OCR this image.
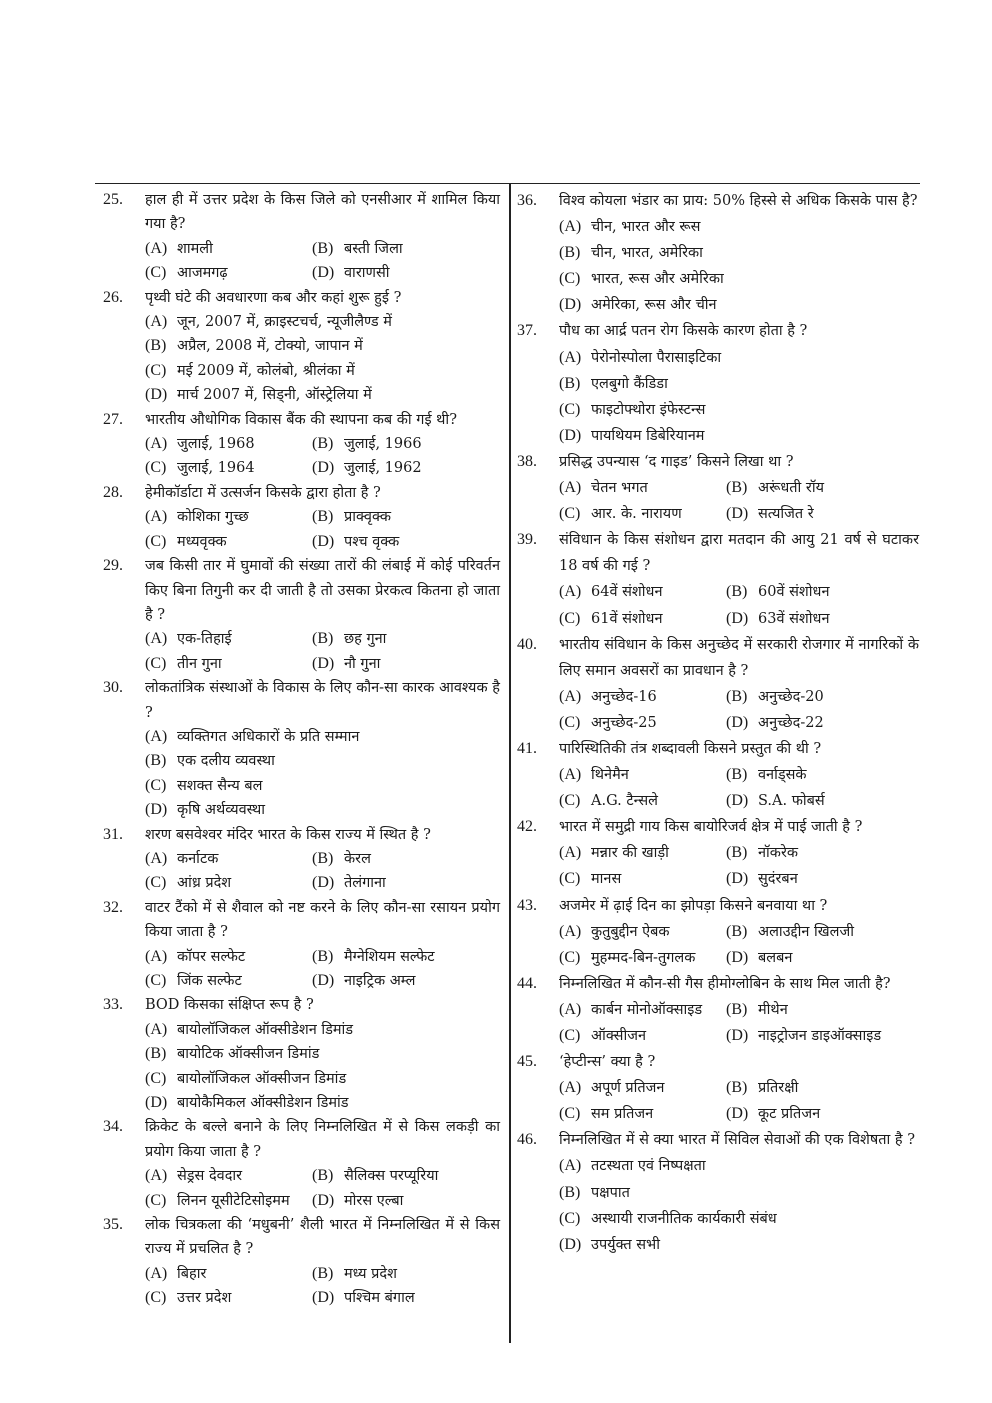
25. हाल ही में उत्तर प्रदेश के किस जिले को एनसीआर में शामिल किया गया है?
(A) शामली	(B) बस्ती जिला
(C) आजमगढ़	(D) वाराणसी
26. पृथ्वी घंटे की अवधारणा कब और कहां शुरू हुई ?
(A) जून, 2007 में, क्राइस्टचर्च, न्यूजीलैण्ड में
(B) अप्रैल, 2008 में, टोक्यो, जापान में
(C) मई 2009 में, कोलंबो, श्रीलंका में
(D) मार्च 2007 में, सिड्नी, ऑस्ट्रेलिया में
27. भारतीय औधोगिक विकास बैंक की स्थापना कब की गई थी?
(A) जुलाई, 1968	(B) जुलाई, 1966
(C) जुलाई, 1964	(D) जुलाई, 1962
28. हेमीकॉर्डाटा में उत्सर्जन किसके द्वारा होता है ?
(A) कोशिका गुच्छ	(B) प्राक्वृक्क
(C) मध्यवृक्क	(D) पश्च वृक्क
29. जब किसी तार में घुमावों की संख्या तारों की लंबाई में कोई परिवर्तन किए बिना तिगुनी कर दी जाती है तो उसका प्रेरकत्व कितना हो जाता है ?
(A) एक-तिहाई	(B) छह गुना
(C) तीन गुना	(D) नौ गुना
30. लोकतांत्रिक संस्थाओं के विकास के लिए कौन-सा कारक आवश्यक है ?
(A) व्यक्तिगत अधिकारों के प्रति सम्मान
(B) एक दलीय व्यवस्था
(C) सशक्त सैन्य बल
(D) कृषि अर्थव्यवस्था
31. शरण बसवेश्वर मंदिर भारत के किस राज्य में स्थित है ?
(A) कर्नाटक	(B) केरल
(C) आंध्र प्रदेश	(D) तेलंगाना
32. वाटर टैंको में से शैवाल को नष्ट करने के लिए कौन-सा रसायन प्रयोग किया जाता है ?
(A) कॉपर सल्फेट	(B) मैग्नेशियम सल्फेट
(C) जिंक सल्फेट	(D) नाइट्रिक अम्ल
33. BOD किसका संक्षिप्त रूप है ?
(A) बायोलॉजिकल ऑक्सीडेशन डिमांड
(B) बायोटिक ऑक्सीजन डिमांड
(C) बायोलॉजिकल ऑक्सीजन डिमांड
(D) बायोकैमिकल ऑक्सीडेशन डिमांड
34. क्रिकेट के बल्ले बनाने के लिए निम्नलिखित में से किस लकड़ी का प्रयोग किया जाता है ?
(A) सेड्रस देवदार	(B) सैलिक्स परप्यूरिया
(C) लिनन यूसीटेटिसोइमम	(D) मोरस एल्बा
35. लोक चित्रकला की ‘मधुबनी’ शैली भारत में निम्नलिखित में से किस राज्य में प्रचलित है ?
(A) बिहार	(B) मध्य प्रदेश
(C) उत्तर प्रदेश	(D) पश्चिम बंगाल
36. विश्व कोयला भंडार का प्राय: 50% हिस्से से अधिक किसके पास है?
(A) चीन, भारत और रूस
(B) चीन, भारत, अमेरिका
(C) भारत, रूस और अमेरिका
(D) अमेरिका, रूस और चीन
37. पौध का आर्द्र पतन रोग किसके कारण होता है ?
(A) पेरोनोस्पोला पैरासाइटिका
(B) एलबुगो कैंडिडा
(C) फाइटोफ्थोरा इंफेस्टन्स
(D) पायथियम डिबेरियानम
38. प्रसिद्ध उपन्यास ‘द गाइड’ किसने लिखा था ?
(A) चेतन भगत	(B) अरूंधती रॉय
(C) आर. के. नारायण	(D) सत्यजित रे
39. संविधान के किस संशोधन द्वारा मतदान की आयु 21 वर्ष से घटाकर 18 वर्ष की गई ?
(A) 64वें संशोधन	(B) 60वें संशोधन
(C) 61वें संशोधन	(D) 63वें संशोधन
40. भारतीय संविधान के किस अनुच्छेद में सरकारी रोजगार में नागरिकों के लिए समान अवसरों का प्रावधान है ?
(A) अनुच्छेद-16	(B) अनुच्छेद-20
(C) अनुच्छेद-25	(D) अनुच्छेद-22
41. पारिस्थितिकी तंत्र शब्दावली किसने प्रस्तुत की थी ?
(A) थिनेमैन	(B) वर्नाड्सके
(C) A.G. टैन्सले	(D) S.A. फोबर्स
42. भारत में समुद्री गाय किस बायोरिजर्व क्षेत्र में पाई जाती है ?
(A) मन्नार की खाड़ी	(B) नॉकरेक
(C) मानस	(D) सुदंरबन
43. अजमेर में ढ़ाई दिन का झोपड़ा किसने बनवाया था ?
(A) कुतुबुद्दीन ऐबक	(B) अलाउद्दीन खिलजी
(C) मुहम्मद-बिन-तुगलक	(D) बलबन
44. निम्नलिखित में कौन-सी गैस हीमोग्लोबिन के साथ मिल जाती है?
(A) कार्बन मोनोऑक्साइड	(B) मीथेन
(C) ऑक्सीजन	(D) नाइट्रोजन डाइऑक्साइड
45. ‘हेप्टीन्स’ क्या है ?
(A) अपूर्ण प्रतिजन	(B) प्रतिरक्षी
(C) सम प्रतिजन	(D) कूट प्रतिजन
46. निम्नलिखित में से क्या भारत में सिविल सेवाओं की एक विशेषता है ?
(A) तटस्थता एवं निष्पक्षता
(B) पक्षपात
(C) अस्थायी राजनीतिक कार्यकारी संबंध
(D) उपर्युक्त सभी
